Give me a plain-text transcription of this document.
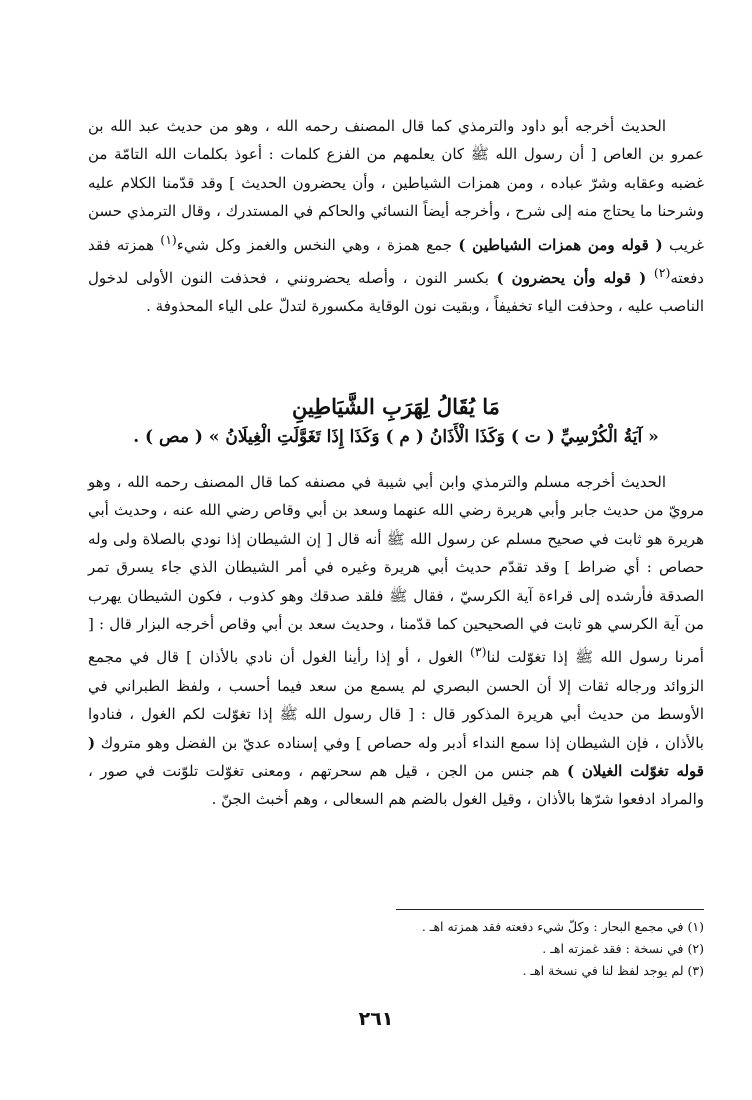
الحديث أخرجه أبو داود والترمذي كما قال المصنف رحمه الله ، وهو من حديث عبد الله بن عمرو بن العاص [ أن رسول الله ﷺ كان يعلمهم من الفزع كلمات : أعوذ بكلمات الله التامّة من غضبه وعقابه وشرّ عباده ، ومن همزات الشياطين ، وأن يحضرون الحديث ] وقد قدّمنا الكلام عليه وشرحنا ما يحتاج منه إلى شرح ، وأخرجه أيضاً النسائي والحاكم في المستدرك ، وقال الترمذي حسن غريب ( قوله ومن همزات الشياطين ) جمع همزة ، وهي النخس والغمز وكل شيء$^{(١)}$ همزته فقد دفعته$^{(٢)}$ ( قوله وأن يحضرون ) بكسر النون ، وأصله يحضرونني ، فحذفت النون الأولى لدخول الناصب عليه ، وحذفت الياء تخفيفاً ، وبقيت نون الوقاية مكسورة لتدلّ على الياء المحذوفة .

مَا يُقَالُ لِهَرَبِ الشَّيَاطِينِ
« آيَةُ الْكُرْسِيِّ ( ت ) وَكَذَا الْأَذَانُ ( م ) وَكَذَا إِذَا تَغَوَّلَتِ الْغِيلَانُ » ( مص ) .

الحديث أخرجه مسلم والترمذي وابن أبي شيبة في مصنفه كما قال المصنف رحمه الله ، وهو مرويّ من حديث جابر وأبي هريرة رضي الله عنهما وسعد بن أبي وقاص رضي الله عنه ، وحديث أبي هريرة هو ثابت في صحيح مسلم عن رسول الله ﷺ أنه قال [ إن الشيطان إذا نودي بالصلاة ولى وله حصاص : أي ضراط ] وقد تقدّم حديث أبي هريرة وغيره في أمر الشيطان الذي جاء يسرق تمر الصدقة فأرشده إلى قراءة آية الكرسيّ ، فقال ﷺ فلقد صدقك وهو كذوب ، فكون الشيطان يهرب من آية الكرسي هو ثابت في الصحيحين كما قدّمنا ، وحديث سعد بن أبي وقاص أخرجه البزار قال : [ أمرنا رسول الله ﷺ إذا تغوّلت لنا$^{(٣)}$ الغول ، أو إذا رأينا الغول أن نادي بالأذان ] قال في مجمع الزوائد ورجاله ثقات إلا أن الحسن البصري لم يسمع من سعد فيما أحسب ، ولفظ الطبراني في الأوسط من حديث أبي هريرة المذكور قال : [ قال رسول الله ﷺ إذا تغوّلت لكم الغول ، فنادوا بالأذان ، فإن الشيطان إذا سمع النداء أدبر وله حصاص ] وفي إسناده عديّ بن الفضل وهو متروك ( قوله تغوّلت الغيلان ) هم جنس من الجن ، قيل هم سحرتهم ، ومعنى تغوّلت تلوّنت في صور ، والمراد ادفعوا شرّها بالأذان ، وقيل الغول بالضم هم السعالى ، وهم أخبث الجنّ .

(١) في مجمع البحار : وكلّ شيء دفعته فقد همزته اهـ .
(٢) في نسخة : فقد غمزته اهـ .
(٣) لم يوجد لفظ لنا في نسخة اهـ .
٢٦١
